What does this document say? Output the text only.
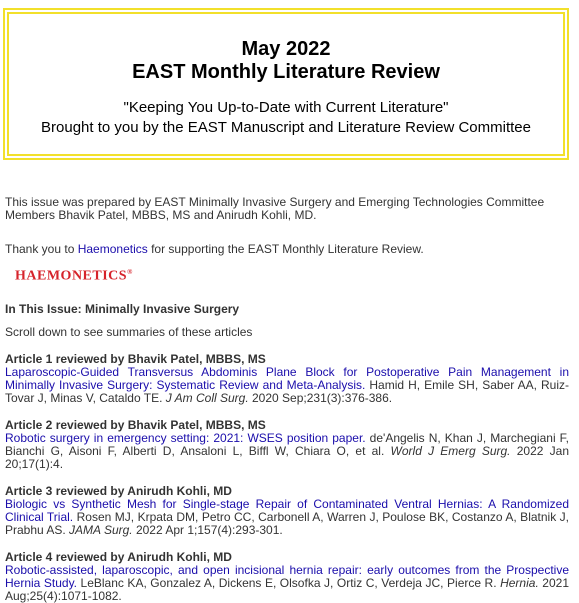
May 2022
EAST Monthly Literature Review
"Keeping You Up-to-Date with Current Literature"
Brought to you by the EAST Manuscript and Literature Review Committee

This issue was prepared by EAST Minimally Invasive Surgery and Emerging Technologies Committee Members Bhavik Patel, MBBS, MS and Anirudh Kohli, MD.

Thank you to Haemonetics for supporting the EAST Monthly Literature Review.

HAEMONETICS®

In This Issue: Minimally Invasive Surgery

Scroll down to see summaries of these articles

Article 1 reviewed by Bhavik Patel, MBBS, MS
Laparoscopic-Guided Transversus Abdominis Plane Block for Postoperative Pain Management in Minimally Invasive Surgery: Systematic Review and Meta-Analysis. Hamid H, Emile SH, Saber AA, Ruiz-Tovar J, Minas V, Cataldo TE. J Am Coll Surg. 2020 Sep;231(3):376-386.
Article 2 reviewed by Bhavik Patel, MBBS, MS
Robotic surgery in emergency setting: 2021: WSES position paper. de'Angelis N, Khan J, Marchegiani F, Bianchi G, Aisoni F, Alberti D, Ansaloni L, Biffl W, Chiara O, et al. World J Emerg Surg. 2022 Jan 20;17(1):4.
Article 3 reviewed by Anirudh Kohli, MD
Biologic vs Synthetic Mesh for Single-stage Repair of Contaminated Ventral Hernias: A Randomized Clinical Trial. Rosen MJ, Krpata DM, Petro CC, Carbonell A, Warren J, Poulose BK, Costanzo A, Blatnik J, Prabhu AS. JAMA Surg. 2022 Apr 1;157(4):293-301.
Article 4 reviewed by Anirudh Kohli, MD
Robotic-assisted, laparoscopic, and open incisional hernia repair: early outcomes from the Prospective Hernia Study. LeBlanc KA, Gonzalez A, Dickens E, Olsofka J, Ortiz C, Verdeja JC, Pierce R. Hernia. 2021 Aug;25(4):1071-1082.
